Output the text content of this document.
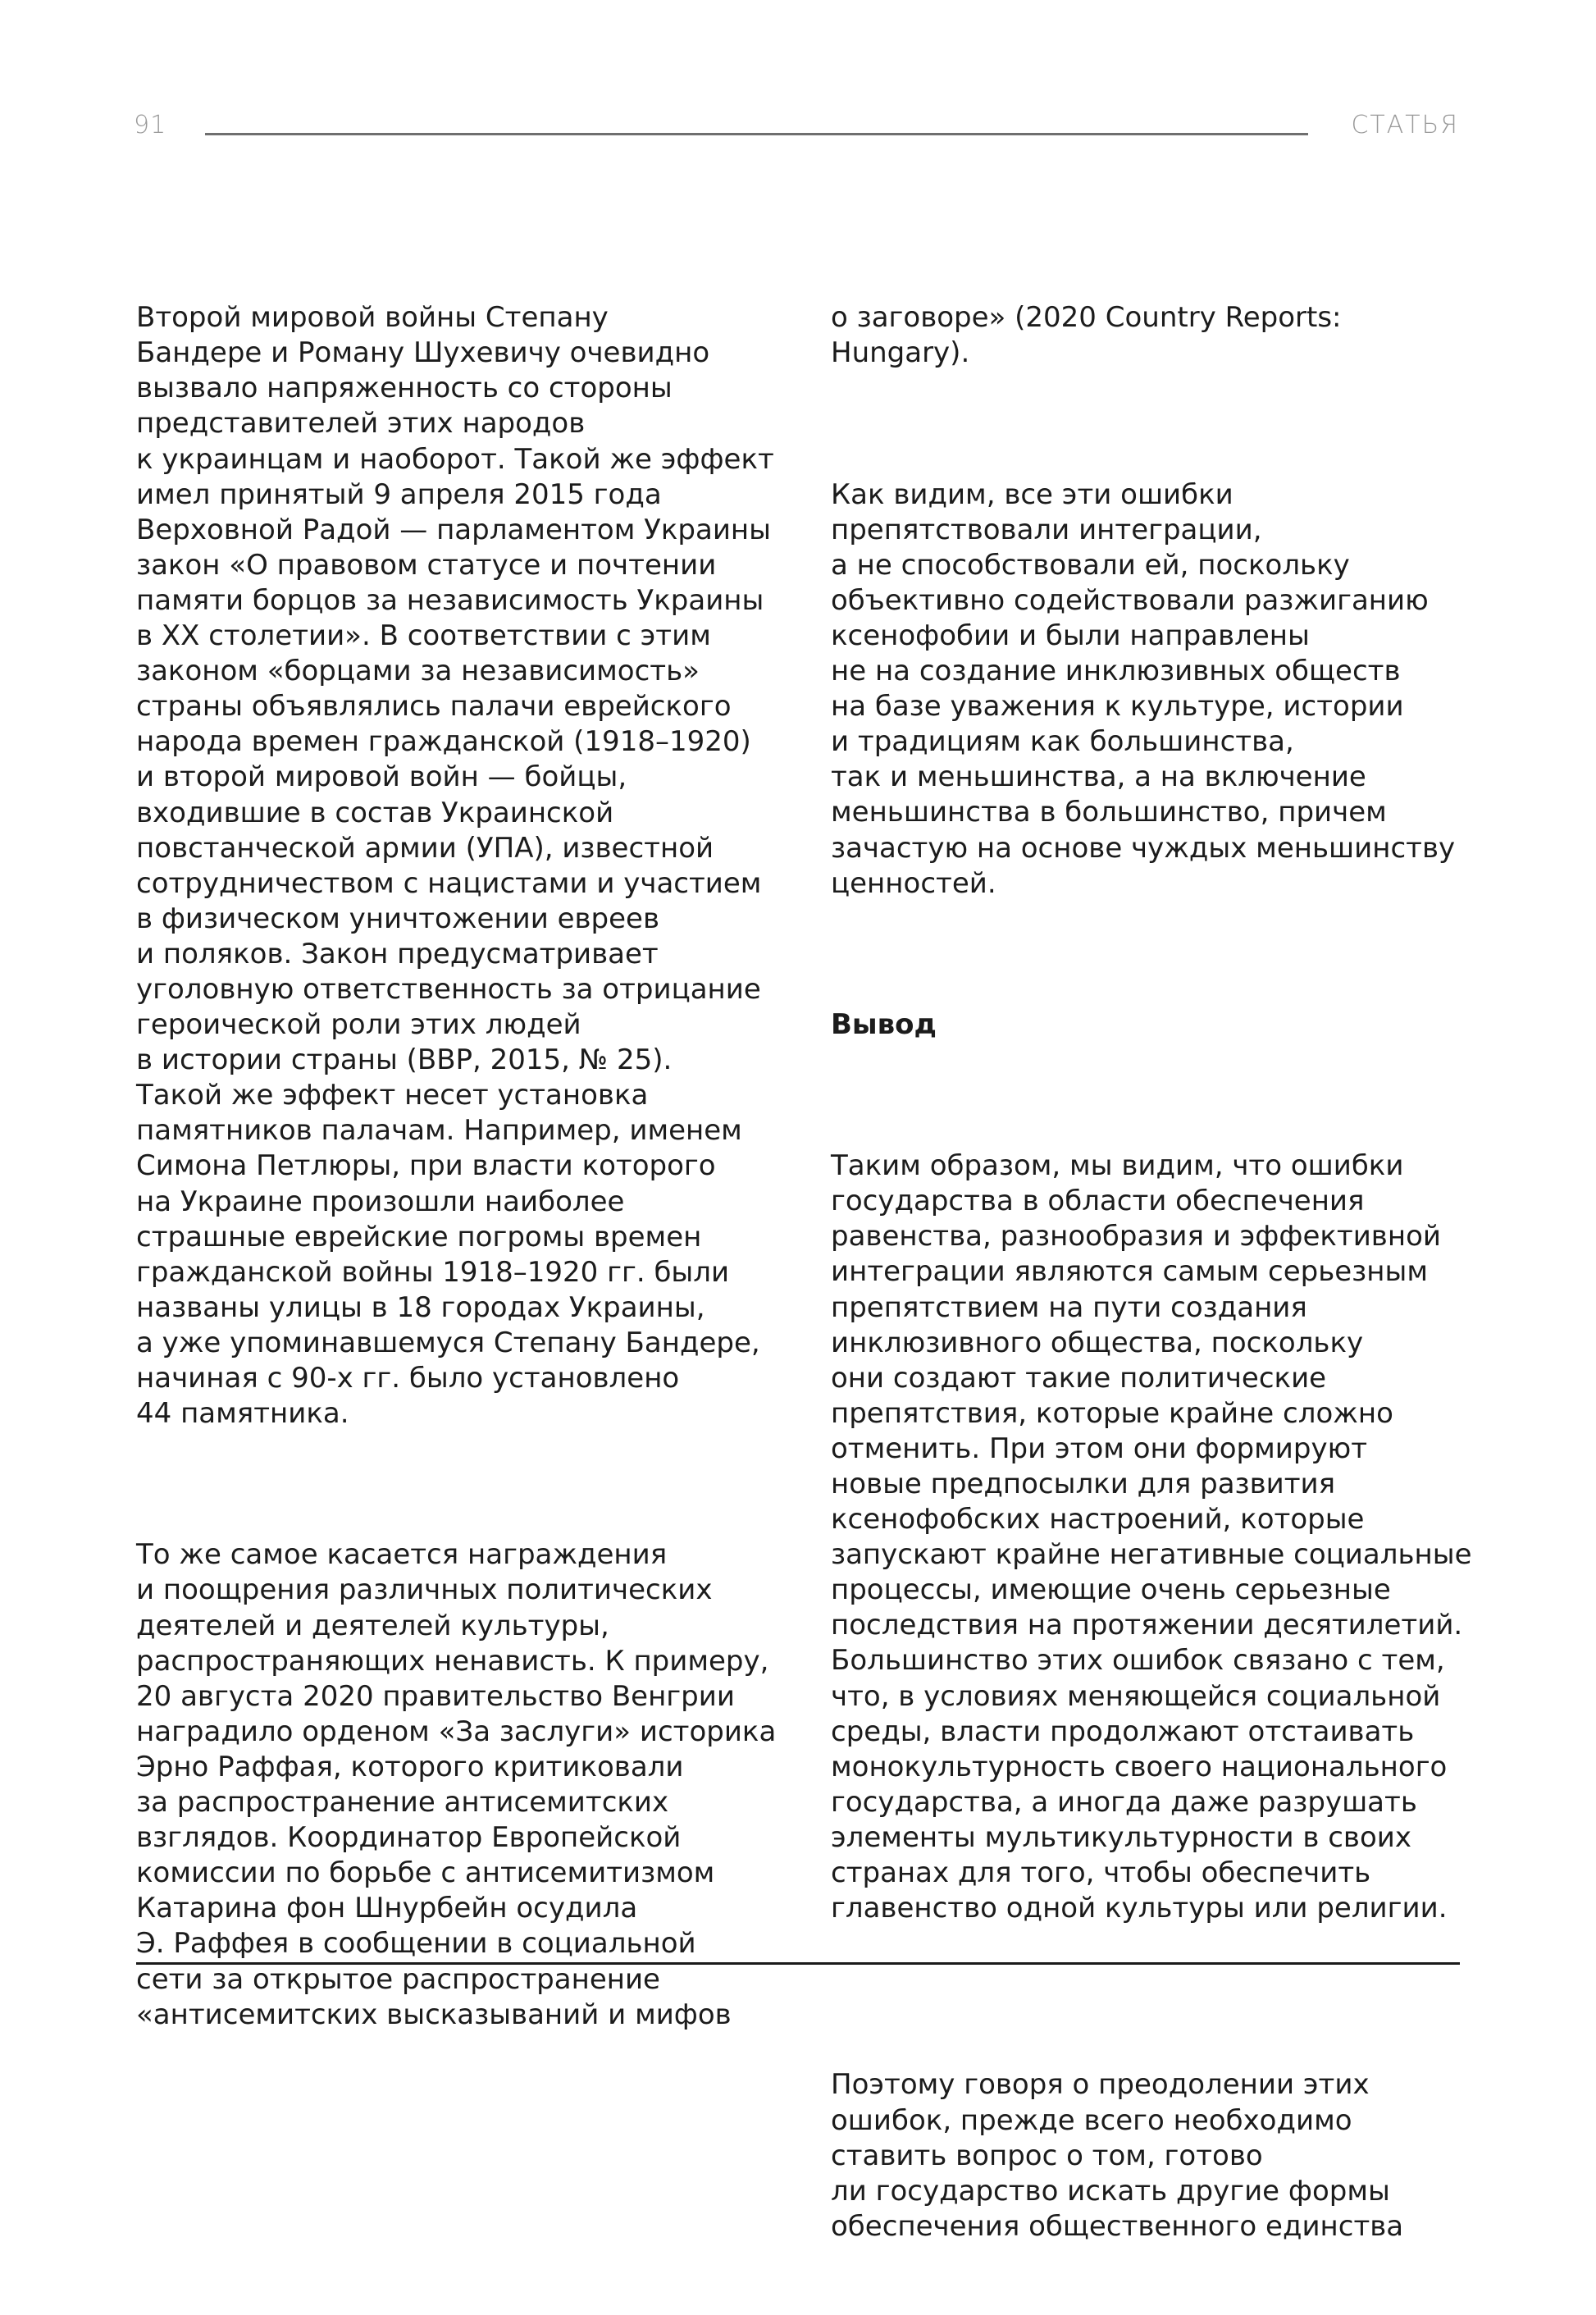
91	СТАТЬЯ

Второй мировой войны Степану
Бандере и Роману Шухевичу очевидно
вызвало напряженность со стороны
представителей этих народов
к украинцам и наоборот. Такой же эффект
имел принятый 9 апреля 2015 года
Верховной Радой — парламентом Украины
закон «О правовом статусе и почтении
памяти борцов за независимость Украины
в XX столетии». В соответствии с этим
законом «борцами за независимость»
страны объявлялись палачи еврейского
народа времен гражданской (1918–1920)
и второй мировой войн — бойцы,
входившие в состав Украинской
повстанческой армии (УПА), известной
сотрудничеством с нацистами и участием
в физическом уничтожении евреев
и поляков. Закон предусматривает
уголовную ответственность за отрицание
героической роли этих людей
в истории страны (ВВР, 2015, № 25).
Такой же эффект несет установка
памятников палачам. Например, именем
Симона Петлюры, при власти которого
на Украине произошли наиболее
страшные еврейские погромы времен
гражданской войны 1918–1920 гг. были
названы улицы в 18 городах Украины,
а уже упоминавшемуся Степану Бандере,
начиная с 90-х гг. было установлено
44 памятника.

То же самое касается награждения
и поощрения различных политических
деятелей и деятелей культуры,
распространяющих ненависть. К примеру,
20 августа 2020 правительство Венгрии
наградило орденом «За заслуги» историка
Эрно Раффая, которого критиковали
за распространение антисемитских
взглядов. Координатор Европейской
комиссии по борьбе с антисемитизмом
Катарина фон Шнурбейн осудила
Э. Раффея в сообщении в социальной
сети за открытое распространение
«антисемитских высказываний и мифов

о заговоре» (2020 Country Reports:
Hungary).

Как видим, все эти ошибки
препятствовали интеграции,
а не способствовали ей, поскольку
объективно содействовали разжиганию
ксенофобии и были направлены
не на создание инклюзивных обществ
на базе уважения к культуре, истории
и традициям как большинства,
так и меньшинства, а на включение
меньшинства в большинство, причем
зачастую на основе чуждых меньшинству
ценностей.

Вывод

Таким образом, мы видим, что ошибки
государства в области обеспечения
равенства, разнообразия и эффективной
интеграции являются самым серьезным
препятствием на пути создания
инклюзивного общества, поскольку
они создают такие политические
препятствия, которые крайне сложно
отменить. При этом они формируют
новые предпосылки для развития
ксенофобских настроений, которые
запускают крайне негативные социальные
процессы, имеющие очень серьезные
последствия на протяжении десятилетий.
Большинство этих ошибок связано с тем,
что, в условиях меняющейся социальной
среды, власти продолжают отстаивать
монокультурность своего национального
государства, а иногда даже разрушать
элементы мультикультурности в своих
странах для того, чтобы обеспечить
главенство одной культуры или религии.

Поэтому говоря о преодолении этих
ошибок, прежде всего необходимо
ставить вопрос о том, готово
ли государство искать другие формы
обеспечения общественного единства
